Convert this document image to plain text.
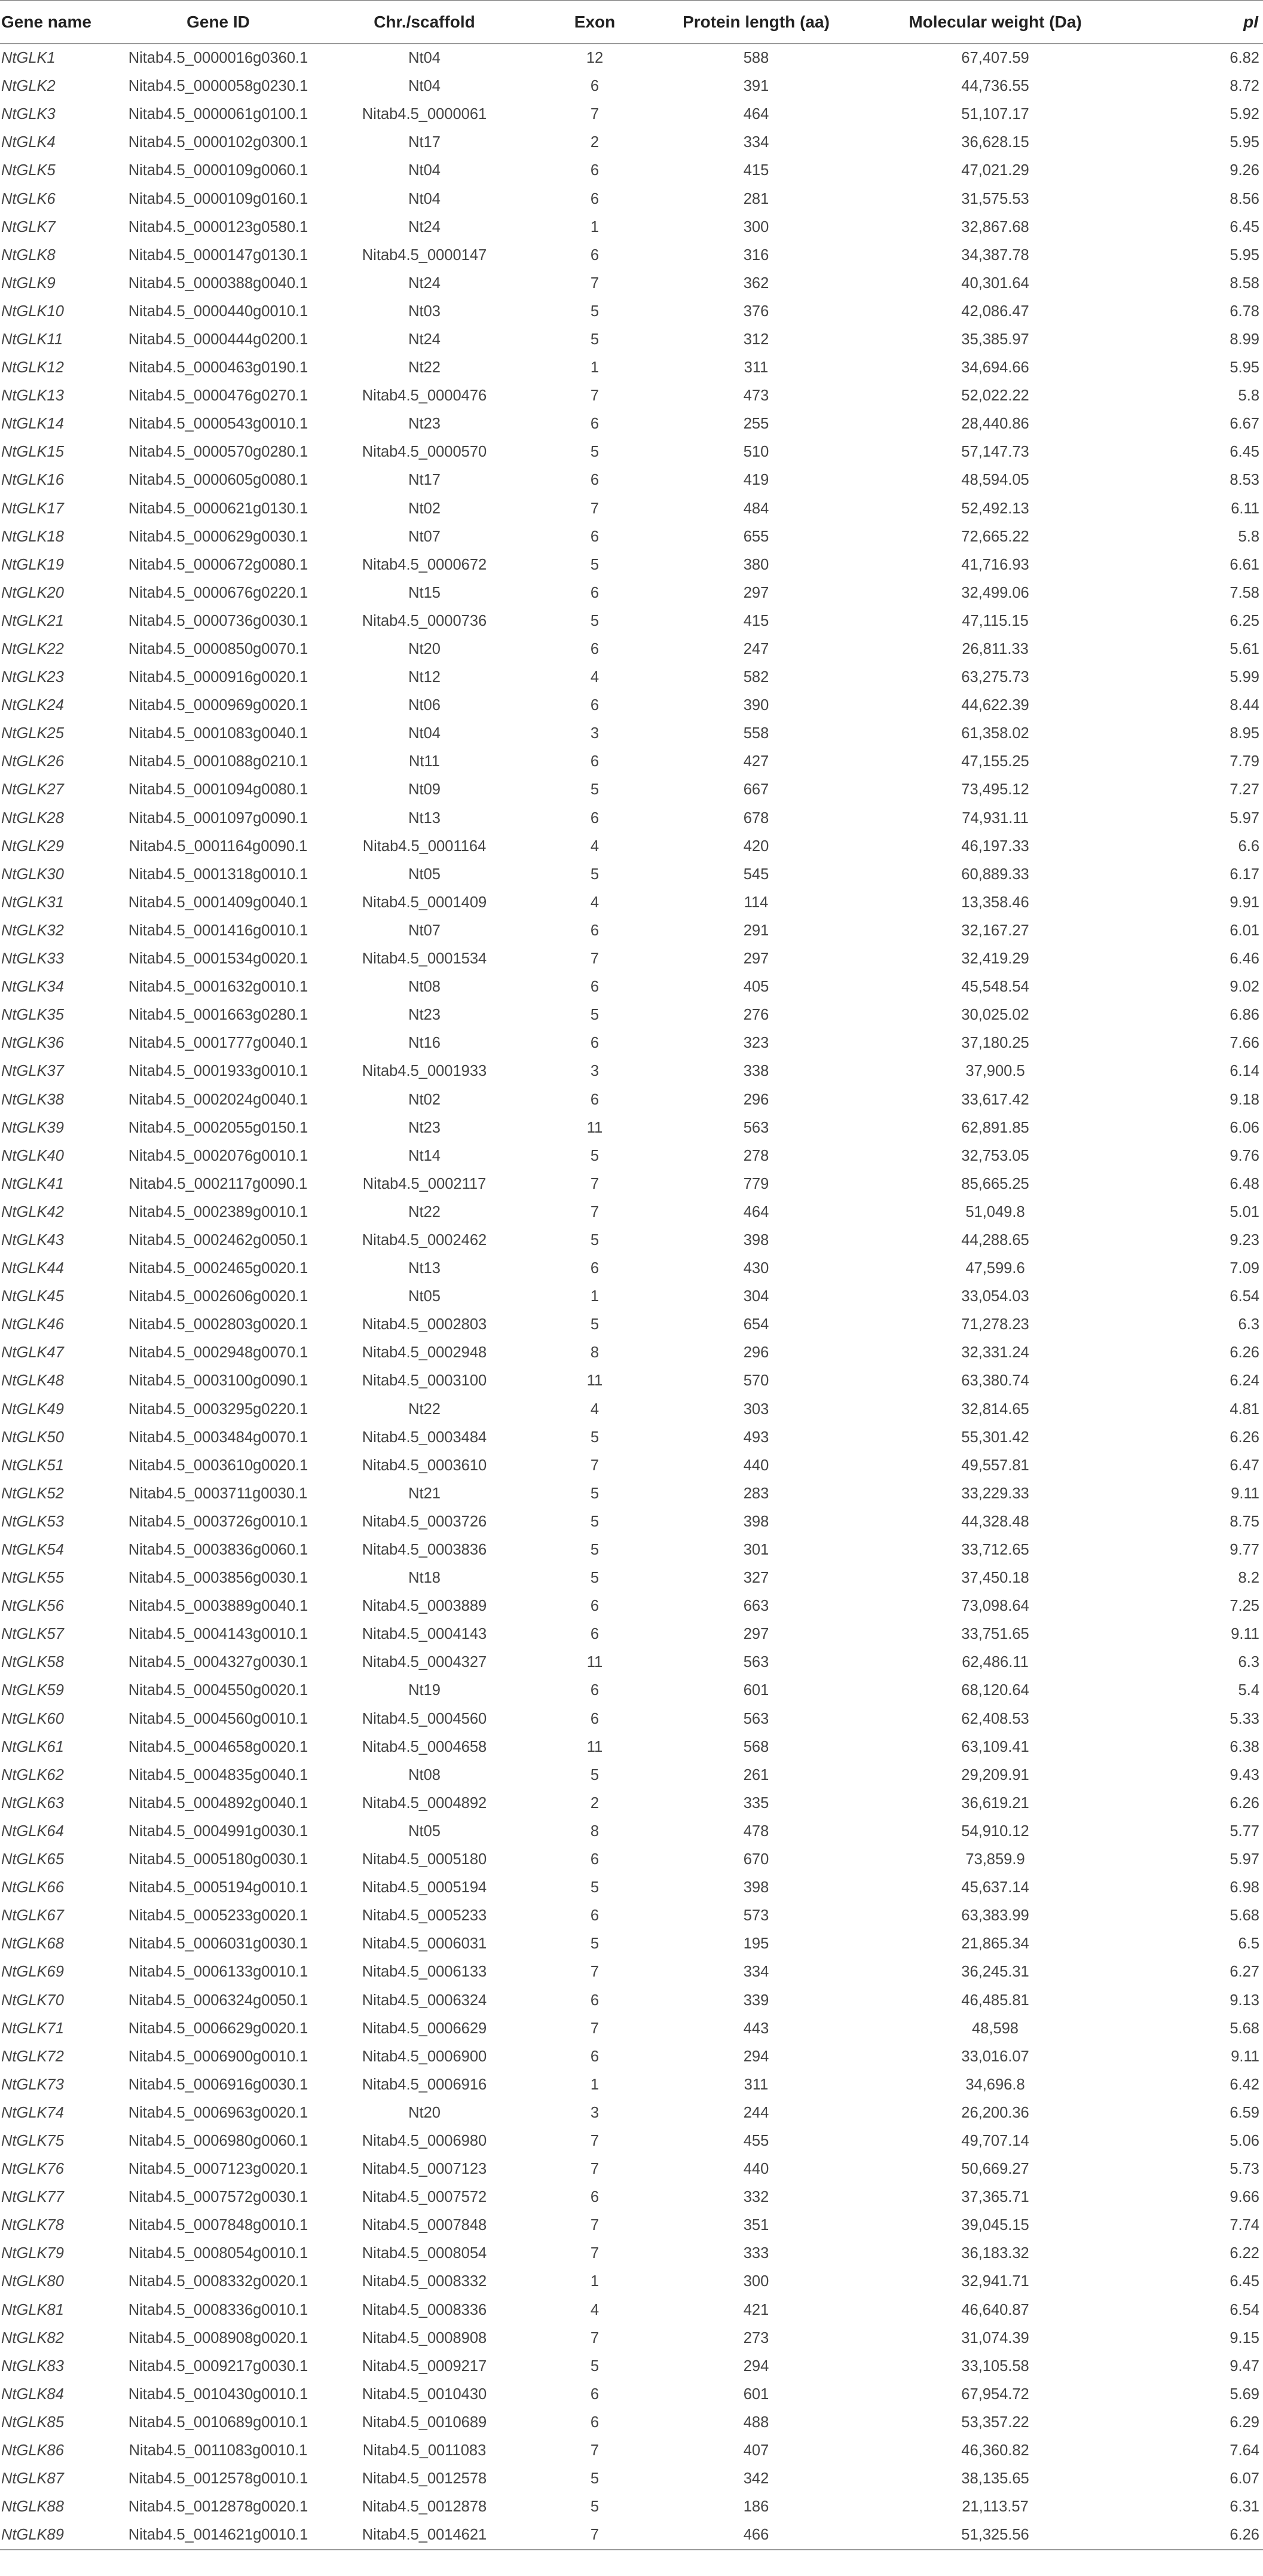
Gene name	Gene ID	Chr./scaffold	Exon	Protein length (aa)	Molecular weight (Da)	pI
NtGLK1	Nitab4.5_0000016g0360.1	Nt04	12	588	67,407.59	6.82
NtGLK2	Nitab4.5_0000058g0230.1	Nt04	6	391	44,736.55	8.72
NtGLK3	Nitab4.5_0000061g0100.1	Nitab4.5_0000061	7	464	51,107.17	5.92
NtGLK4	Nitab4.5_0000102g0300.1	Nt17	2	334	36,628.15	5.95
NtGLK5	Nitab4.5_0000109g0060.1	Nt04	6	415	47,021.29	9.26
NtGLK6	Nitab4.5_0000109g0160.1	Nt04	6	281	31,575.53	8.56
NtGLK7	Nitab4.5_0000123g0580.1	Nt24	1	300	32,867.68	6.45
NtGLK8	Nitab4.5_0000147g0130.1	Nitab4.5_0000147	6	316	34,387.78	5.95
NtGLK9	Nitab4.5_0000388g0040.1	Nt24	7	362	40,301.64	8.58
NtGLK10	Nitab4.5_0000440g0010.1	Nt03	5	376	42,086.47	6.78
NtGLK11	Nitab4.5_0000444g0200.1	Nt24	5	312	35,385.97	8.99
NtGLK12	Nitab4.5_0000463g0190.1	Nt22	1	311	34,694.66	5.95
NtGLK13	Nitab4.5_0000476g0270.1	Nitab4.5_0000476	7	473	52,022.22	5.8
NtGLK14	Nitab4.5_0000543g0010.1	Nt23	6	255	28,440.86	6.67
NtGLK15	Nitab4.5_0000570g0280.1	Nitab4.5_0000570	5	510	57,147.73	6.45
NtGLK16	Nitab4.5_0000605g0080.1	Nt17	6	419	48,594.05	8.53
NtGLK17	Nitab4.5_0000621g0130.1	Nt02	7	484	52,492.13	6.11
NtGLK18	Nitab4.5_0000629g0030.1	Nt07	6	655	72,665.22	5.8
NtGLK19	Nitab4.5_0000672g0080.1	Nitab4.5_0000672	5	380	41,716.93	6.61
NtGLK20	Nitab4.5_0000676g0220.1	Nt15	6	297	32,499.06	7.58
NtGLK21	Nitab4.5_0000736g0030.1	Nitab4.5_0000736	5	415	47,115.15	6.25
NtGLK22	Nitab4.5_0000850g0070.1	Nt20	6	247	26,811.33	5.61
NtGLK23	Nitab4.5_0000916g0020.1	Nt12	4	582	63,275.73	5.99
NtGLK24	Nitab4.5_0000969g0020.1	Nt06	6	390	44,622.39	8.44
NtGLK25	Nitab4.5_0001083g0040.1	Nt04	3	558	61,358.02	8.95
NtGLK26	Nitab4.5_0001088g0210.1	Nt11	6	427	47,155.25	7.79
NtGLK27	Nitab4.5_0001094g0080.1	Nt09	5	667	73,495.12	7.27
NtGLK28	Nitab4.5_0001097g0090.1	Nt13	6	678	74,931.11	5.97
NtGLK29	Nitab4.5_0001164g0090.1	Nitab4.5_0001164	4	420	46,197.33	6.6
NtGLK30	Nitab4.5_0001318g0010.1	Nt05	5	545	60,889.33	6.17
NtGLK31	Nitab4.5_0001409g0040.1	Nitab4.5_0001409	4	114	13,358.46	9.91
NtGLK32	Nitab4.5_0001416g0010.1	Nt07	6	291	32,167.27	6.01
NtGLK33	Nitab4.5_0001534g0020.1	Nitab4.5_0001534	7	297	32,419.29	6.46
NtGLK34	Nitab4.5_0001632g0010.1	Nt08	6	405	45,548.54	9.02
NtGLK35	Nitab4.5_0001663g0280.1	Nt23	5	276	30,025.02	6.86
NtGLK36	Nitab4.5_0001777g0040.1	Nt16	6	323	37,180.25	7.66
NtGLK37	Nitab4.5_0001933g0010.1	Nitab4.5_0001933	3	338	37,900.5	6.14
NtGLK38	Nitab4.5_0002024g0040.1	Nt02	6	296	33,617.42	9.18
NtGLK39	Nitab4.5_0002055g0150.1	Nt23	11	563	62,891.85	6.06
NtGLK40	Nitab4.5_0002076g0010.1	Nt14	5	278	32,753.05	9.76
NtGLK41	Nitab4.5_0002117g0090.1	Nitab4.5_0002117	7	779	85,665.25	6.48
NtGLK42	Nitab4.5_0002389g0010.1	Nt22	7	464	51,049.8	5.01
NtGLK43	Nitab4.5_0002462g0050.1	Nitab4.5_0002462	5	398	44,288.65	9.23
NtGLK44	Nitab4.5_0002465g0020.1	Nt13	6	430	47,599.6	7.09
NtGLK45	Nitab4.5_0002606g0020.1	Nt05	1	304	33,054.03	6.54
NtGLK46	Nitab4.5_0002803g0020.1	Nitab4.5_0002803	5	654	71,278.23	6.3
NtGLK47	Nitab4.5_0002948g0070.1	Nitab4.5_0002948	8	296	32,331.24	6.26
NtGLK48	Nitab4.5_0003100g0090.1	Nitab4.5_0003100	11	570	63,380.74	6.24
NtGLK49	Nitab4.5_0003295g0220.1	Nt22	4	303	32,814.65	4.81
NtGLK50	Nitab4.5_0003484g0070.1	Nitab4.5_0003484	5	493	55,301.42	6.26
NtGLK51	Nitab4.5_0003610g0020.1	Nitab4.5_0003610	7	440	49,557.81	6.47
NtGLK52	Nitab4.5_0003711g0030.1	Nt21	5	283	33,229.33	9.11
NtGLK53	Nitab4.5_0003726g0010.1	Nitab4.5_0003726	5	398	44,328.48	8.75
NtGLK54	Nitab4.5_0003836g0060.1	Nitab4.5_0003836	5	301	33,712.65	9.77
NtGLK55	Nitab4.5_0003856g0030.1	Nt18	5	327	37,450.18	8.2
NtGLK56	Nitab4.5_0003889g0040.1	Nitab4.5_0003889	6	663	73,098.64	7.25
NtGLK57	Nitab4.5_0004143g0010.1	Nitab4.5_0004143	6	297	33,751.65	9.11
NtGLK58	Nitab4.5_0004327g0030.1	Nitab4.5_0004327	11	563	62,486.11	6.3
NtGLK59	Nitab4.5_0004550g0020.1	Nt19	6	601	68,120.64	5.4
NtGLK60	Nitab4.5_0004560g0010.1	Nitab4.5_0004560	6	563	62,408.53	5.33
NtGLK61	Nitab4.5_0004658g0020.1	Nitab4.5_0004658	11	568	63,109.41	6.38
NtGLK62	Nitab4.5_0004835g0040.1	Nt08	5	261	29,209.91	9.43
NtGLK63	Nitab4.5_0004892g0040.1	Nitab4.5_0004892	2	335	36,619.21	6.26
NtGLK64	Nitab4.5_0004991g0030.1	Nt05	8	478	54,910.12	5.77
NtGLK65	Nitab4.5_0005180g0030.1	Nitab4.5_0005180	6	670	73,859.9	5.97
NtGLK66	Nitab4.5_0005194g0010.1	Nitab4.5_0005194	5	398	45,637.14	6.98
NtGLK67	Nitab4.5_0005233g0020.1	Nitab4.5_0005233	6	573	63,383.99	5.68
NtGLK68	Nitab4.5_0006031g0030.1	Nitab4.5_0006031	5	195	21,865.34	6.5
NtGLK69	Nitab4.5_0006133g0010.1	Nitab4.5_0006133	7	334	36,245.31	6.27
NtGLK70	Nitab4.5_0006324g0050.1	Nitab4.5_0006324	6	339	46,485.81	9.13
NtGLK71	Nitab4.5_0006629g0020.1	Nitab4.5_0006629	7	443	48,598	5.68
NtGLK72	Nitab4.5_0006900g0010.1	Nitab4.5_0006900	6	294	33,016.07	9.11
NtGLK73	Nitab4.5_0006916g0030.1	Nitab4.5_0006916	1	311	34,696.8	6.42
NtGLK74	Nitab4.5_0006963g0020.1	Nt20	3	244	26,200.36	6.59
NtGLK75	Nitab4.5_0006980g0060.1	Nitab4.5_0006980	7	455	49,707.14	5.06
NtGLK76	Nitab4.5_0007123g0020.1	Nitab4.5_0007123	7	440	50,669.27	5.73
NtGLK77	Nitab4.5_0007572g0030.1	Nitab4.5_0007572	6	332	37,365.71	9.66
NtGLK78	Nitab4.5_0007848g0010.1	Nitab4.5_0007848	7	351	39,045.15	7.74
NtGLK79	Nitab4.5_0008054g0010.1	Nitab4.5_0008054	7	333	36,183.32	6.22
NtGLK80	Nitab4.5_0008332g0020.1	Nitab4.5_0008332	1	300	32,941.71	6.45
NtGLK81	Nitab4.5_0008336g0010.1	Nitab4.5_0008336	4	421	46,640.87	6.54
NtGLK82	Nitab4.5_0008908g0020.1	Nitab4.5_0008908	7	273	31,074.39	9.15
NtGLK83	Nitab4.5_0009217g0030.1	Nitab4.5_0009217	5	294	33,105.58	9.47
NtGLK84	Nitab4.5_0010430g0010.1	Nitab4.5_0010430	6	601	67,954.72	5.69
NtGLK85	Nitab4.5_0010689g0010.1	Nitab4.5_0010689	6	488	53,357.22	6.29
NtGLK86	Nitab4.5_0011083g0010.1	Nitab4.5_0011083	7	407	46,360.82	7.64
NtGLK87	Nitab4.5_0012578g0010.1	Nitab4.5_0012578	5	342	38,135.65	6.07
NtGLK88	Nitab4.5_0012878g0020.1	Nitab4.5_0012878	5	186	21,113.57	6.31
NtGLK89	Nitab4.5_0014621g0010.1	Nitab4.5_0014621	7	466	51,325.56	6.26
